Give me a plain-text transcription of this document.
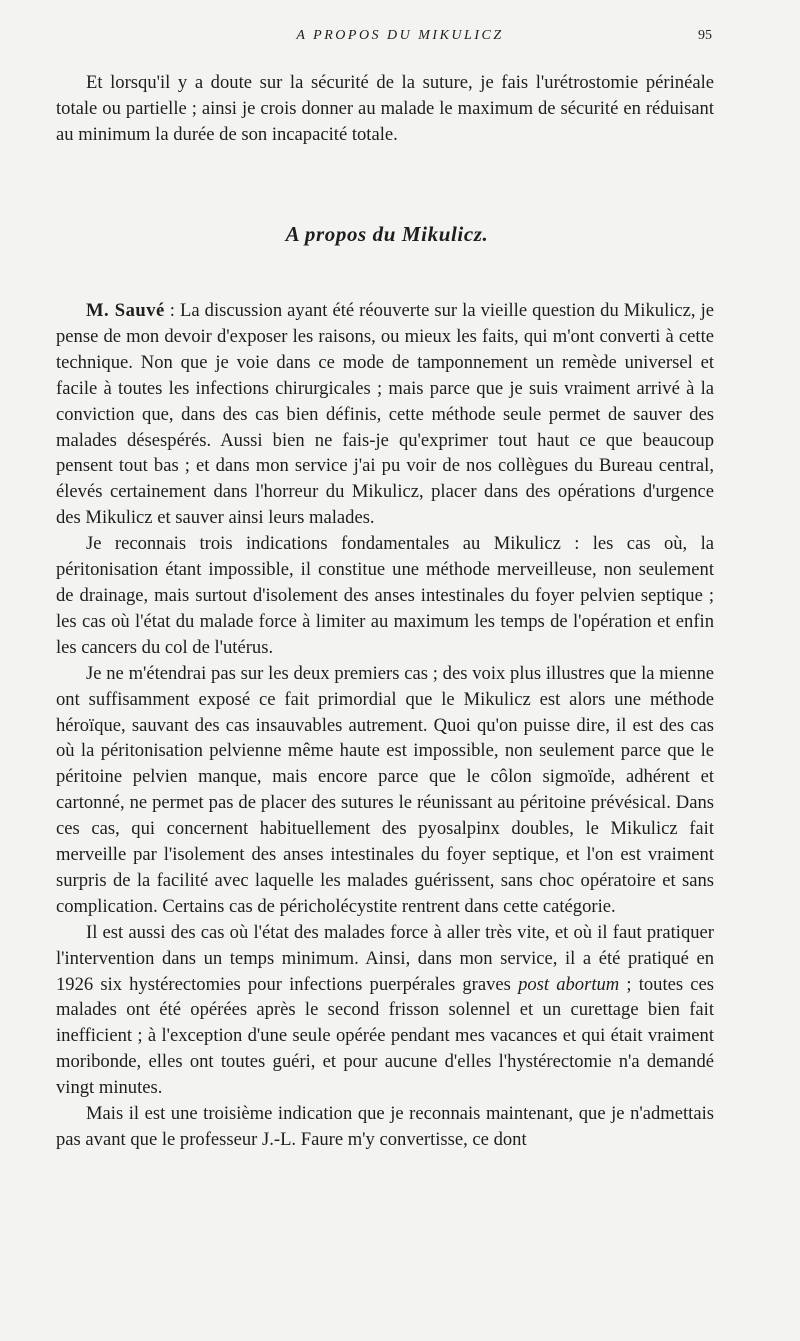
A PROPOS DU MIKULICZ	95

Et lorsqu'il y a doute sur la sécurité de la suture, je fais l'urétrostomie périnéale totale ou partielle ; ainsi je crois donner au malade le maximum de sécurité en réduisant au minimum la durée de son incapacité totale.

A propos du Mikulicz.

M. Sauvé : La discussion ayant été réouverte sur la vieille question du Mikulicz, je pense de mon devoir d'exposer les raisons, ou mieux les faits, qui m'ont converti à cette technique. Non que je voie dans ce mode de tamponnement un remède universel et facile à toutes les infections chirurgicales ; mais parce que je suis vraiment arrivé à la conviction que, dans des cas bien définis, cette méthode seule permet de sauver des malades désespérés. Aussi bien ne fais-je qu'exprimer tout haut ce que beaucoup pensent tout bas ; et dans mon service j'ai pu voir de nos collègues du Bureau central, élevés certainement dans l'horreur du Mikulicz, placer dans des opérations d'urgence des Mikulicz et sauver ainsi leurs malades.

Je reconnais trois indications fondamentales au Mikulicz : les cas où, la péritonisation étant impossible, il constitue une méthode merveilleuse, non seulement de drainage, mais surtout d'isolement des anses intestinales du foyer pelvien septique ; les cas où l'état du malade force à limiter au maximum les temps de l'opération et enfin les cancers du col de l'utérus.

Je ne m'étendrai pas sur les deux premiers cas ; des voix plus illustres que la mienne ont suffisamment exposé ce fait primordial que le Mikulicz est alors une méthode héroïque, sauvant des cas insauvables autrement. Quoi qu'on puisse dire, il est des cas où la péritonisation pelvienne même haute est impossible, non seulement parce que le péritoine pelvien manque, mais encore parce que le côlon sigmoïde, adhérent et cartonné, ne permet pas de placer des sutures le réunissant au péritoine prévésical. Dans ces cas, qui concernent habituellement des pyosalpinx doubles, le Mikulicz fait merveille par l'isolement des anses intestinales du foyer septique, et l'on est vraiment surpris de la facilité avec laquelle les malades guérissent, sans choc opératoire et sans complication. Certains cas de péricholécystite rentrent dans cette catégorie.

Il est aussi des cas où l'état des malades force à aller très vite, et où il faut pratiquer l'intervention dans un temps minimum. Ainsi, dans mon service, il a été pratiqué en 1926 six hystérectomies pour infections puerpérales graves post abortum ; toutes ces malades ont été opérées après le second frisson solennel et un curettage bien fait inefficient ; à l'exception d'une seule opérée pendant mes vacances et qui était vraiment moribonde, elles ont toutes guéri, et pour aucune d'elles l'hystérectomie n'a demandé vingt minutes.

Mais il est une troisième indication que je reconnais maintenant, que je n'admettais pas avant que le professeur J.-L. Faure m'y convertisse, ce dont
